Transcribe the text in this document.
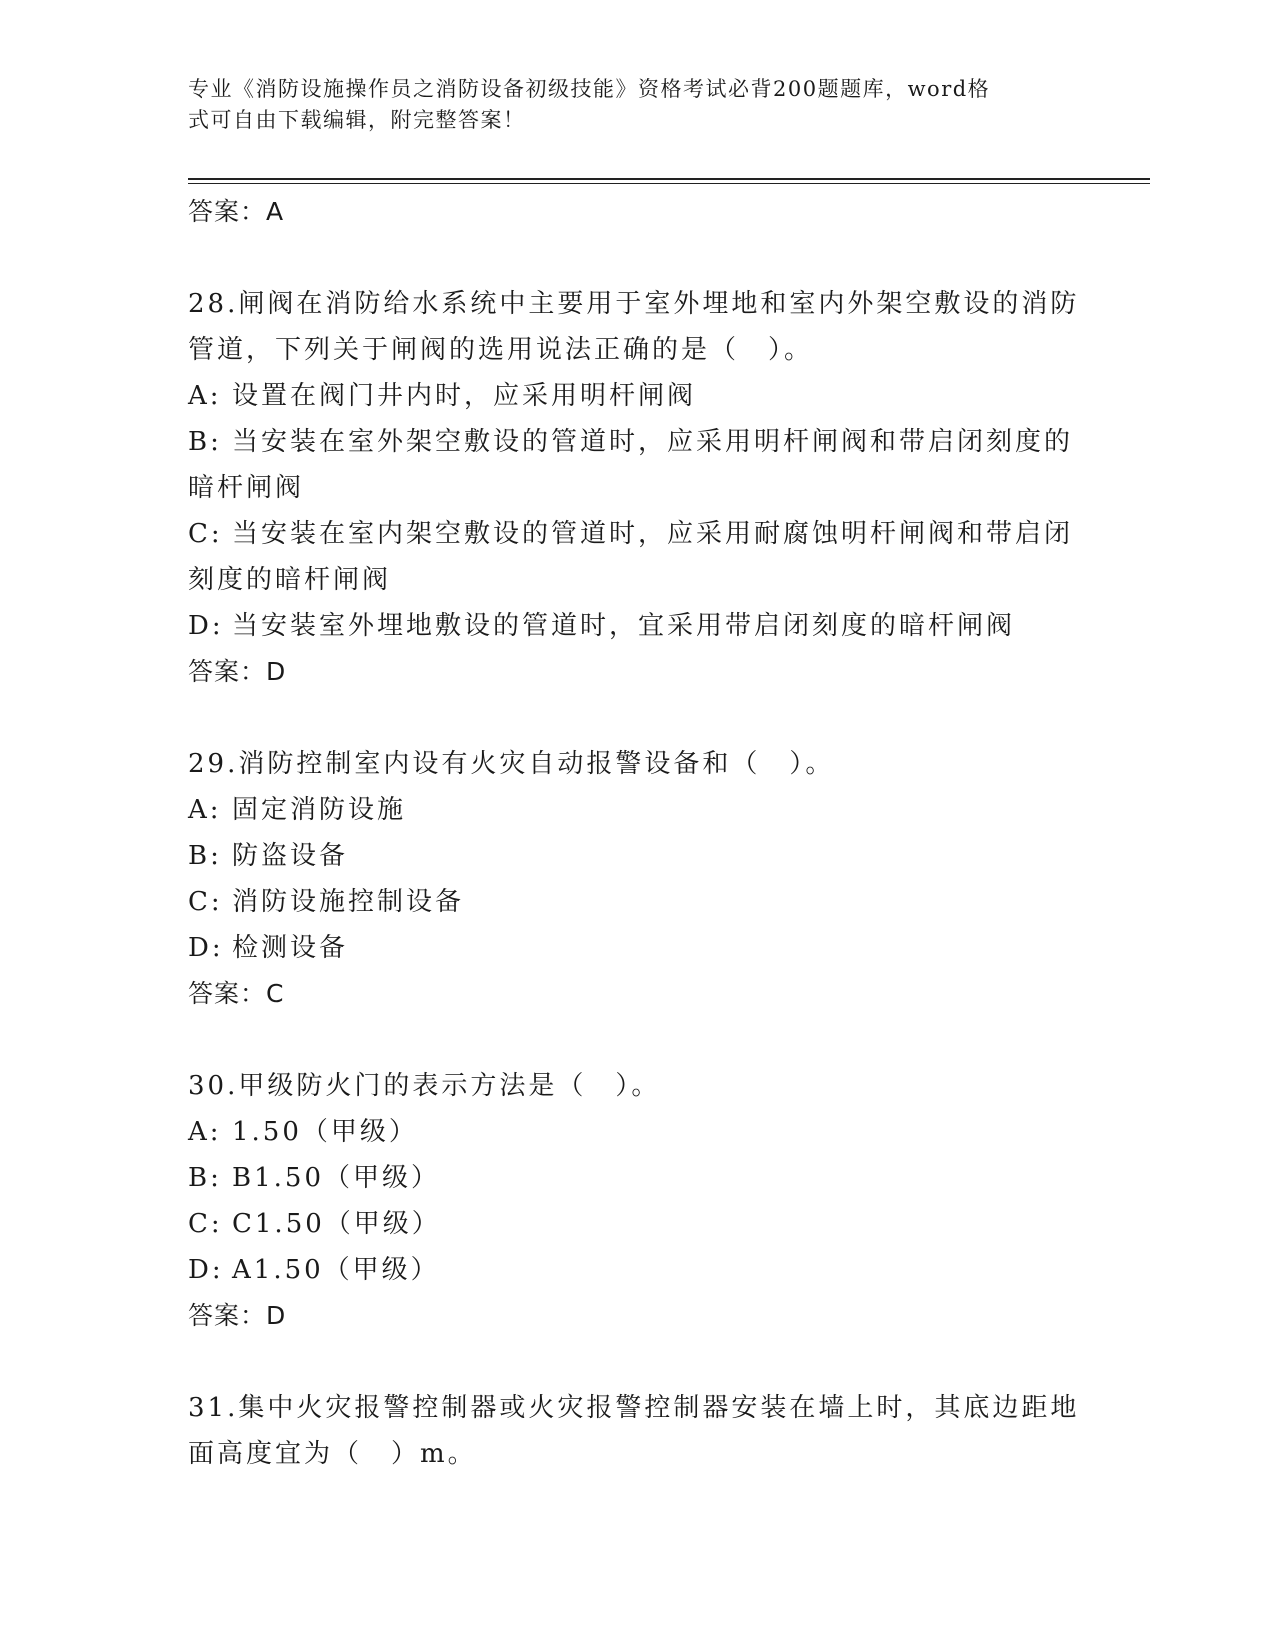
专业《消防设施操作员之消防设备初级技能》资格考试必背200题题库，word格
式可自由下载编辑，附完整答案！
答案：A
28.闸阀在消防给水系统中主要用于室外埋地和室内外架空敷设的消防
管道，下列关于闸阀的选用说法正确的是（　）。
A: 设置在阀门井内时，应采用明杆闸阀
B: 当安装在室外架空敷设的管道时，应采用明杆闸阀和带启闭刻度的
暗杆闸阀
C: 当安装在室内架空敷设的管道时，应采用耐腐蚀明杆闸阀和带启闭
刻度的暗杆闸阀
D: 当安装室外埋地敷设的管道时，宜采用带启闭刻度的暗杆闸阀
答案：D
29.消防控制室内设有火灾自动报警设备和（　）。
A: 固定消防设施
B: 防盗设备
C: 消防设施控制设备
D: 检测设备
答案：C
30.甲级防火门的表示方法是（　）。
A: 1.50（甲级）
B: B1.50（甲级）
C: C1.50（甲级）
D: A1.50（甲级）
答案：D
31.集中火灾报警控制器或火灾报警控制器安装在墙上时，其底边距地
面高度宜为（　）m。
